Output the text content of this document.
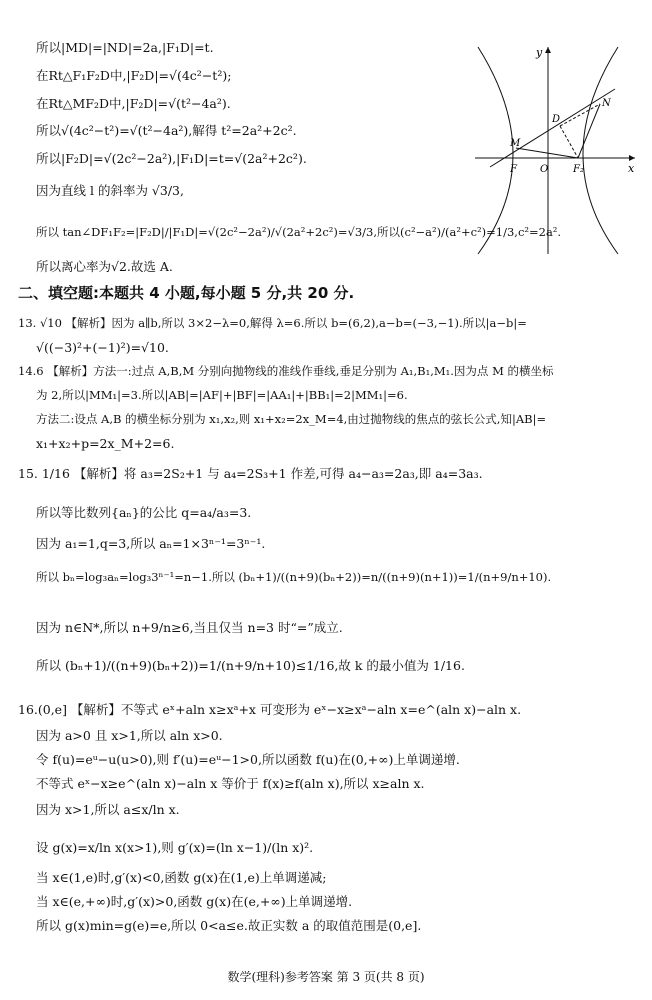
x
y
D
N
M
F	F₂
O
所以|MD|=|ND|=2a,|F₁D|=t.
在Rt△F₁F₂D中,|F₂D|=√(4c²−t²);
在Rt△MF₂D中,|F₂D|=√(t²−4a²).
所以√(4c²−t²)=√(t²−4a²),解得 t²=2a²+2c².
所以|F₂D|=√(2c²−2a²),|F₁D|=t=√(2a²+2c²).
因为直线 l 的斜率为 √3/3,
所以 tan∠DF₁F₂=|F₂D|/|F₁D|=√(2c²−2a²)/√(2a²+2c²)=√3/3,所以(c²−a²)/(a²+c²)=1/3,c²=2a².
所以离心率为√2.故选 A.
二、填空题:本题共 4 小题,每小题 5 分,共 20 分.
13. √10 【解析】因为 a∥b,所以 3×2−λ=0,解得 λ=6.所以 b=(6,2),a−b=(−3,−1).所以|a−b|=
√((−3)²+(−1)²)=√10.
14.6 【解析】方法一:过点 A,B,M 分别向抛物线的准线作垂线,垂足分别为 A₁,B₁,M₁.因为点 M 的横坐标
为 2,所以|MM₁|=3.所以|AB|=|AF|+|BF|=|AA₁|+|BB₁|=2|MM₁|=6.
方法二:设点 A,B 的横坐标分别为 x₁,x₂,则 x₁+x₂=2x_M=4,由过抛物线的焦点的弦长公式,知|AB|=
x₁+x₂+p=2x_M+2=6.
15. 1/16 【解析】将 a₃=2S₂+1 与 a₄=2S₃+1 作差,可得 a₄−a₃=2a₃,即 a₄=3a₃.
所以等比数列{aₙ}的公比 q=a₄/a₃=3.
因为 a₁=1,q=3,所以 aₙ=1×3ⁿ⁻¹=3ⁿ⁻¹.
所以 bₙ=log₃aₙ=log₃3ⁿ⁻¹=n−1.所以 (bₙ+1)/((n+9)(bₙ+2))=n/((n+9)(n+1))=1/(n+9/n+10).
因为 n∈N*,所以 n+9/n≥6,当且仅当 n=3 时“=”成立.
所以 (bₙ+1)/((n+9)(bₙ+2))=1/(n+9/n+10)≤1/16,故 k 的最小值为 1/16.
16.(0,e] 【解析】不等式 eˣ+aln x≥xᵃ+x 可变形为 eˣ−x≥xᵃ−aln x=e^(aln x)−aln x.
因为 a>0 且 x>1,所以 aln x>0.
令 f(u)=eᵘ−u(u>0),则 f′(u)=eᵘ−1>0,所以函数 f(u)在(0,+∞)上单调递增.
不等式 eˣ−x≥e^(aln x)−aln x 等价于 f(x)≥f(aln x),所以 x≥aln x.
因为 x>1,所以 a≤x/ln x.
设 g(x)=x/ln x(x>1),则 g′(x)=(ln x−1)/(ln x)².
当 x∈(1,e)时,g′(x)<0,函数 g(x)在(1,e)上单调递减;
当 x∈(e,+∞)时,g′(x)>0,函数 g(x)在(e,+∞)上单调递增.
所以 g(x)min=g(e)=e,所以 0<a≤e.故正实数 a 的取值范围是(0,e].
数学(理科)参考答案 第 3 页(共 8 页)
